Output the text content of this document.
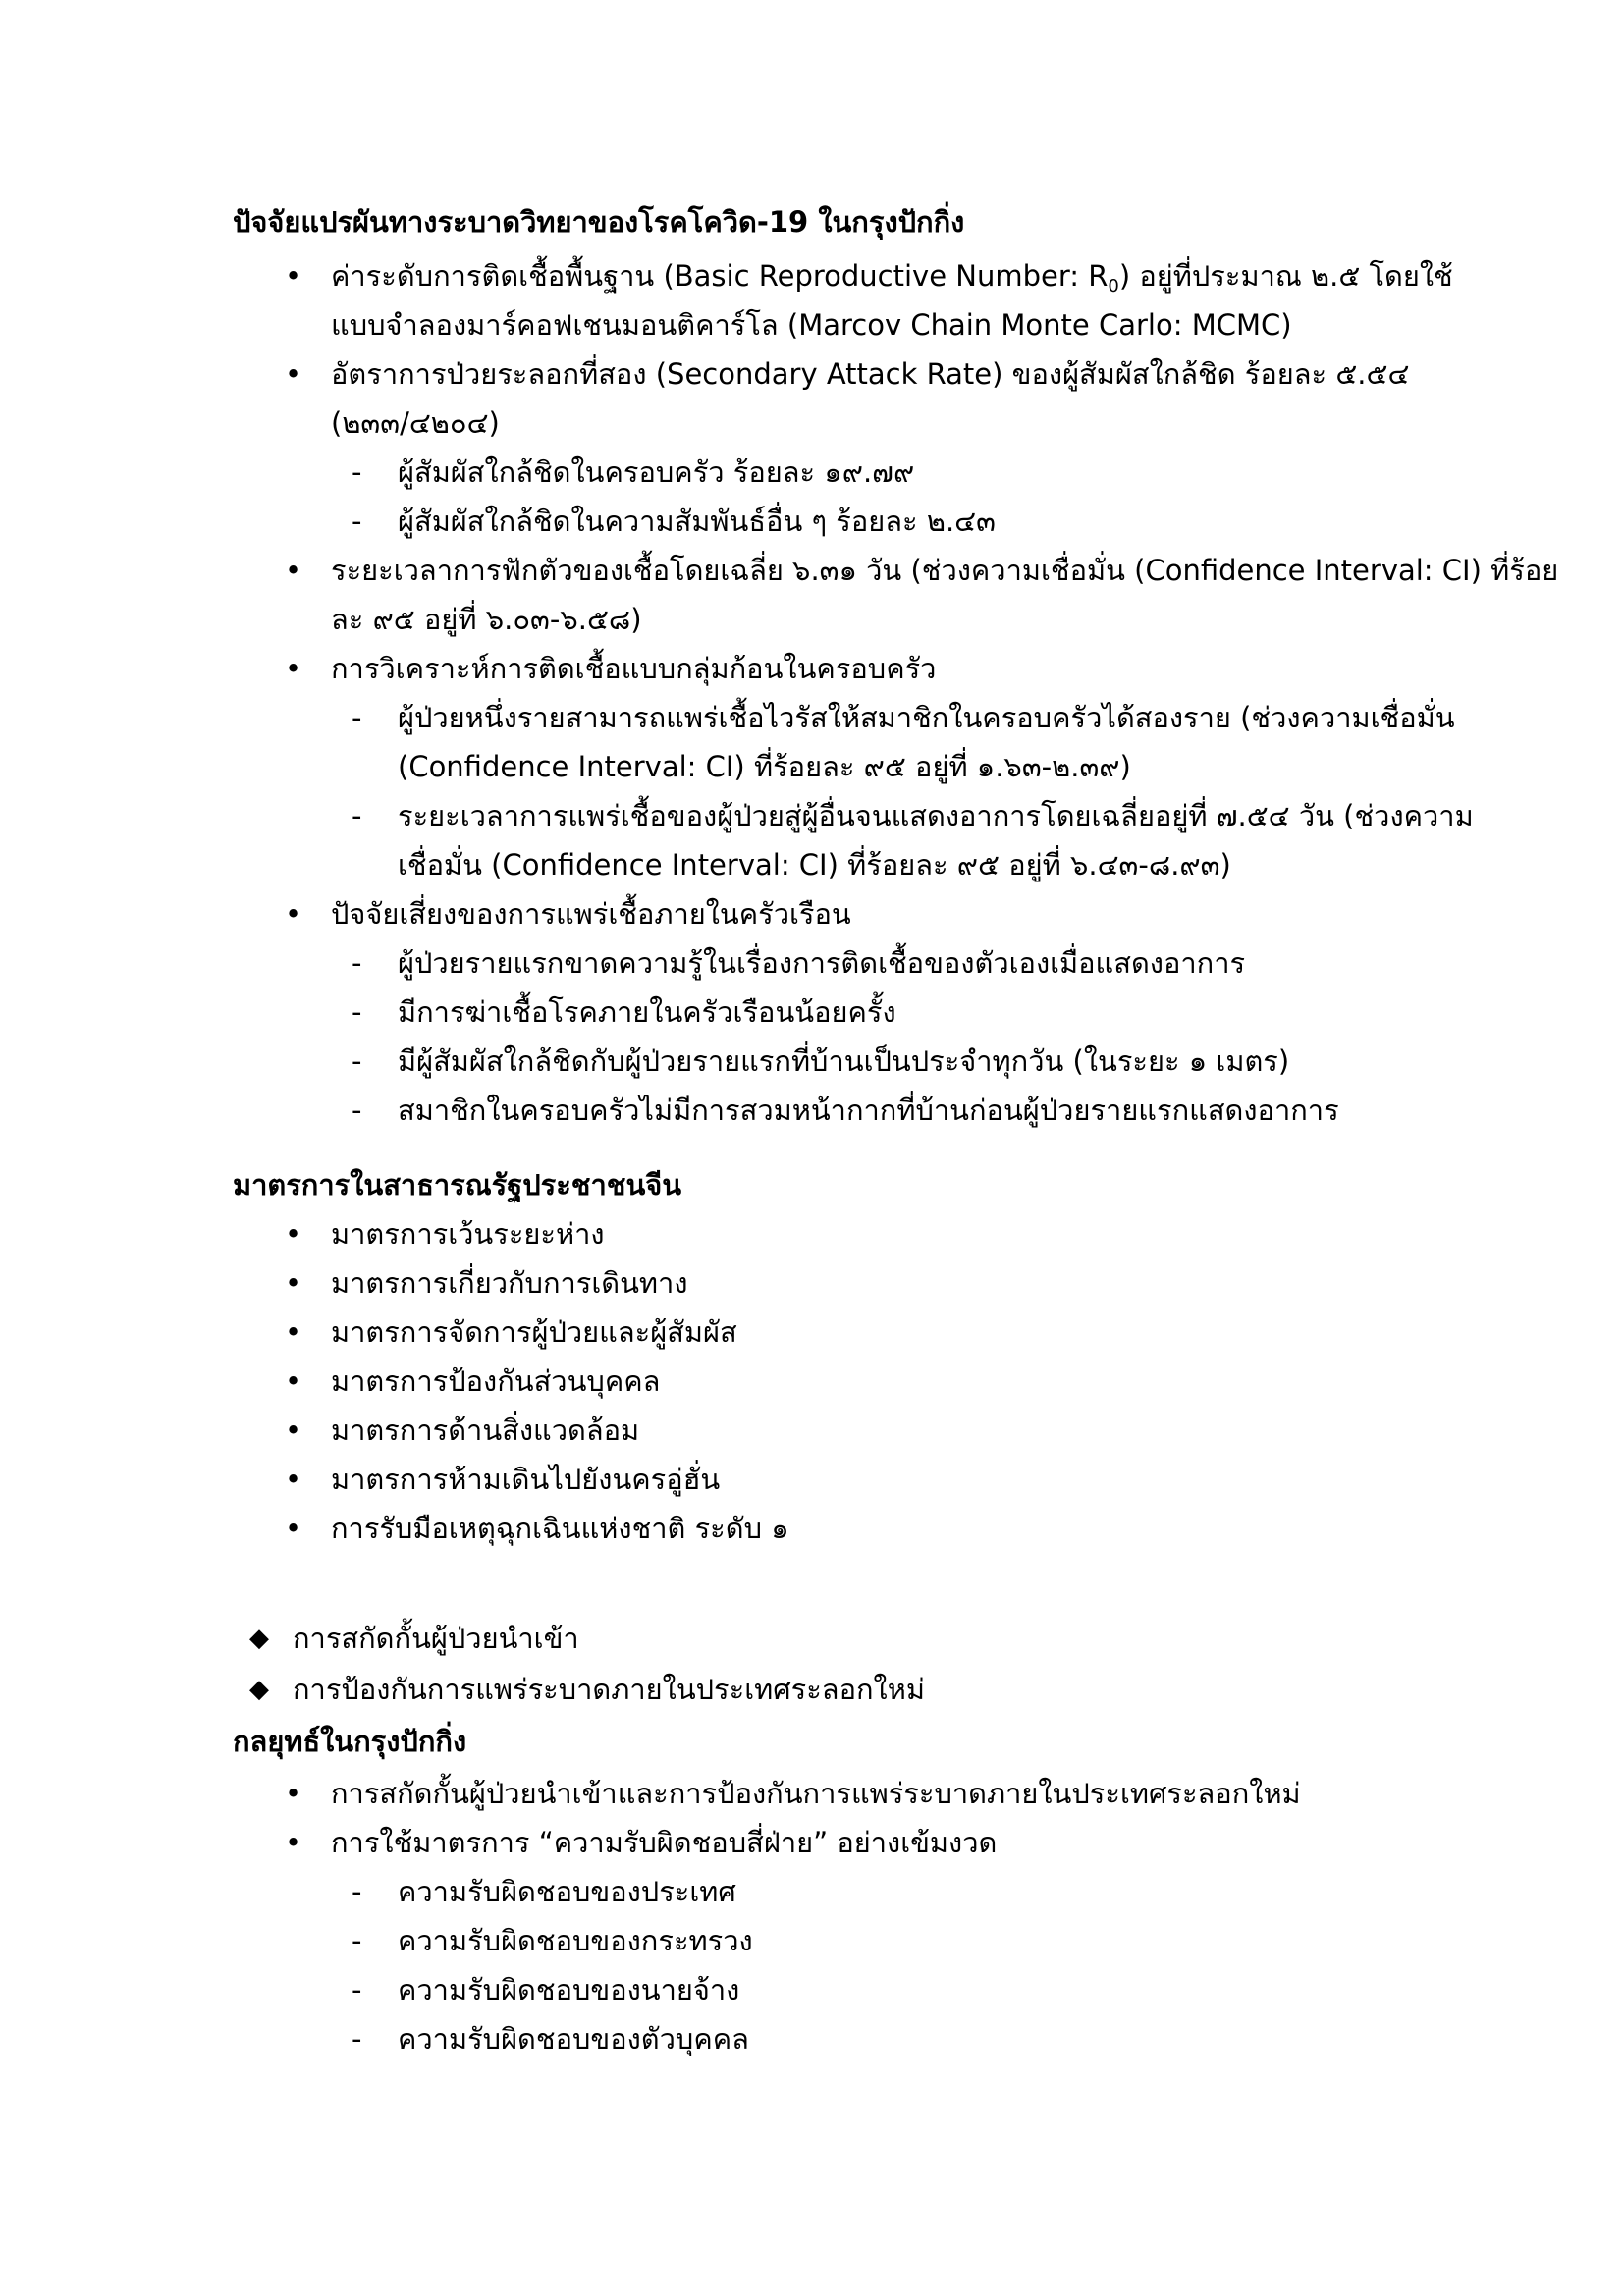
ปัจจัยแปรผันทางระบาดวิทยาของโรคโควิด-19 ในกรุงปักกิ่ง
• ค่าระดับการติดเชื้อพื้นฐาน (Basic Reproductive Number: $R_0$) อยู่ที่ประมาณ ๒.๕ โดยใช้
แบบจำลองมาร์คอฟเชนมอนติคาร์โล (Marcov Chain Monte Carlo: MCMC)
• อัตราการป่วยระลอกที่สอง (Secondary Attack Rate) ของผู้สัมผัสใกล้ชิด ร้อยละ ๕.๕๔
(๒๓๓/๔๒๐๔)
- ผู้สัมผัสใกล้ชิดในครอบครัว ร้อยละ ๑๙.๗๙
- ผู้สัมผัสใกล้ชิดในความสัมพันธ์อื่น ๆ ร้อยละ ๒.๔๓
• ระยะเวลาการฟักตัวของเชื้อโดยเฉลี่ย ๖.๓๑ วัน (ช่วงความเชื่อมั่น (Confidence Interval: CI) ที่ร้อย
ละ ๙๕ อยู่ที่ ๖.๐๓-๖.๕๘)
• การวิเคราะห์การติดเชื้อแบบกลุ่มก้อนในครอบครัว
- ผู้ป่วยหนึ่งรายสามารถแพร่เชื้อไวรัสให้สมาชิกในครอบครัวได้สองราย (ช่วงความเชื่อมั่น
(Confidence Interval: CI) ที่ร้อยละ ๙๕ อยู่ที่ ๑.๖๓-๒.๓๙)
- ระยะเวลาการแพร่เชื้อของผู้ป่วยสู่ผู้อื่นจนแสดงอาการโดยเฉลี่ยอยู่ที่ ๗.๕๔ วัน (ช่วงความ
เชื่อมั่น (Confidence Interval: CI) ที่ร้อยละ ๙๕ อยู่ที่ ๖.๔๓-๘.๙๓)
• ปัจจัยเสี่ยงของการแพร่เชื้อภายในครัวเรือน
- ผู้ป่วยรายแรกขาดความรู้ในเรื่องการติดเชื้อของตัวเองเมื่อแสดงอาการ
- มีการฆ่าเชื้อโรคภายในครัวเรือนน้อยครั้ง
- มีผู้สัมผัสใกล้ชิดกับผู้ป่วยรายแรกที่บ้านเป็นประจำทุกวัน (ในระยะ ๑ เมตร)
- สมาชิกในครอบครัวไม่มีการสวมหน้ากากที่บ้านก่อนผู้ป่วยรายแรกแสดงอาการ
มาตรการในสาธารณรัฐประชาชนจีน
• มาตรการเว้นระยะห่าง
• มาตรการเกี่ยวกับการเดินทาง
• มาตรการจัดการผู้ป่วยและผู้สัมผัส
• มาตรการป้องกันส่วนบุคคล
• มาตรการด้านสิ่งแวดล้อม
• มาตรการห้ามเดินไปยังนครอู่ฮั่น
• การรับมือเหตุฉุกเฉินแห่งชาติ ระดับ ๑
◆ การสกัดกั้นผู้ป่วยนำเข้า
◆ การป้องกันการแพร่ระบาดภายในประเทศระลอกใหม่
กลยุทธ์ในกรุงปักกิ่ง
• การสกัดกั้นผู้ป่วยนำเข้าและการป้องกันการแพร่ระบาดภายในประเทศระลอกใหม่
• การใช้มาตรการ “ความรับผิดชอบสี่ฝ่าย” อย่างเข้มงวด
- ความรับผิดชอบของประเทศ
- ความรับผิดชอบของกระทรวง
- ความรับผิดชอบของนายจ้าง
- ความรับผิดชอบของตัวบุคคล
